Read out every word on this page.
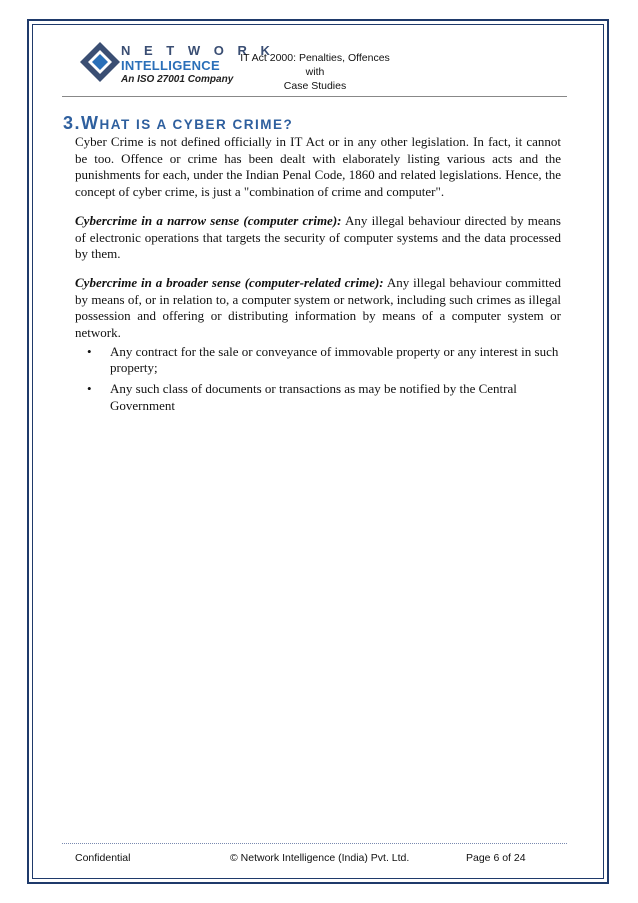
N E T W O R K
INTELLIGENCE
An ISO 27001 Company
IT Act 2000: Penalties, Offences with
Case Studies
3.WHAT IS A CYBER CRIME?

Cyber Crime is not defined officially in IT Act or in any other legislation. In fact, it cannot be too. Offence or crime has been dealt with elaborately listing various acts and the punishments for each, under the Indian Penal Code, 1860 and related legislations. Hence, the concept of cyber crime, is just a "combination of crime and computer".

Cybercrime in a narrow sense (computer crime): Any illegal behaviour directed by means of electronic operations that targets the security of computer systems and the data processed by them.

Cybercrime in a broader sense (computer-related crime): Any illegal behaviour committed by means of, or in relation to, a computer system or network, including such crimes as illegal possession and offering or distributing information by means of a computer system or network.

• Any contract for the sale or conveyance of immovable property or any interest in such property;
• Any such class of documents or transactions as may be notified by the Central Government
Confidential	© Network Intelligence (India) Pvt. Ltd.	Page 6 of 24
